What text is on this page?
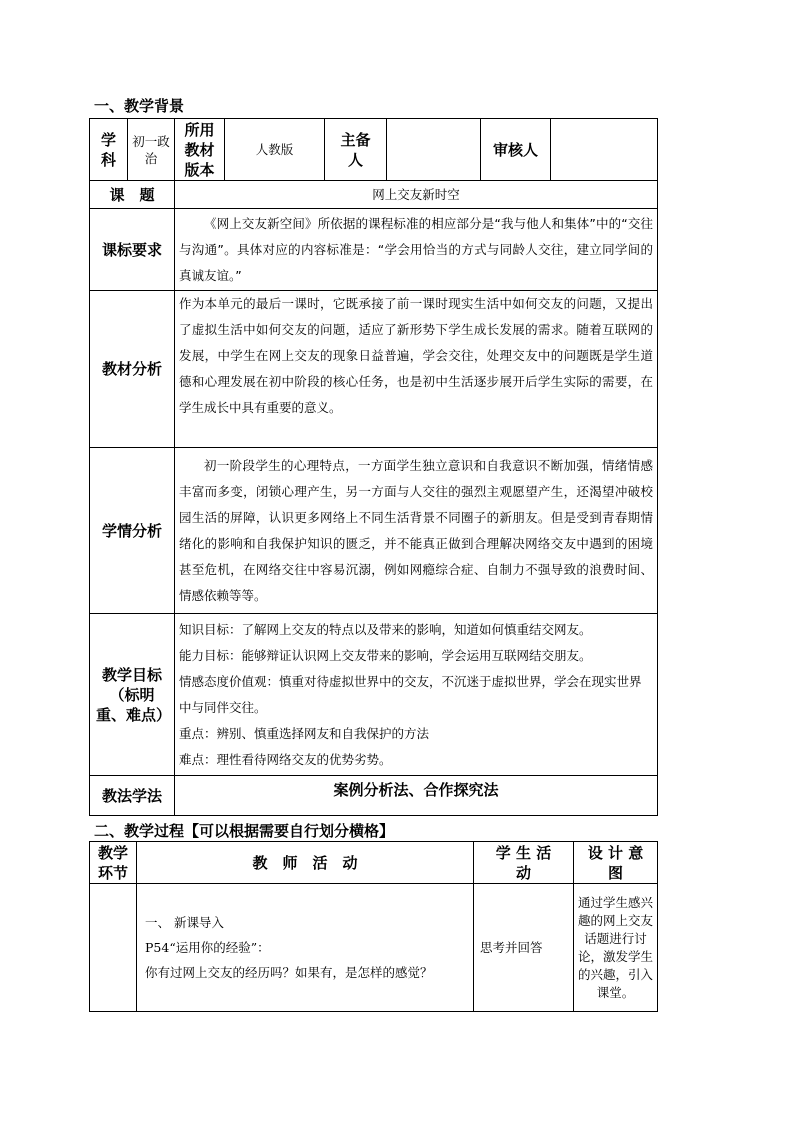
一、教学背景
学科	初一政治	所用教材版本	人教版	主备人		审核人	
课　题		网上交友新时空					
课标要求		《网上交友新空间》所依据的课程标准的相应部分是“我与他人和集体”中的“交往与沟通”。具体对应的内容标准是：“学会用恰当的方式与同龄人交往，建立同学间的真诚友谊。”					
教材分析		作为本单元的最后一课时，它既承接了前一课时现实生活中如何交友的问题，又提出了虚拟生活中如何交友的问题，适应了新形势下学生成长发展的需求。随着互联网的发展，中学生在网上交友的现象日益普遍，学会交往，处理交友中的问题既是学生道德和心理发展在初中阶段的核心任务，也是初中生活逐步展开后学生实际的需要，在学生成长中具有重要的意义。					
学情分析		初一阶段学生的心理特点，一方面学生独立意识和自我意识不断加强，情绪情感丰富而多变，闭锁心理产生，另一方面与人交往的强烈主观愿望产生，还渴望冲破校园生活的屏障，认识更多网络上不同生活背景不同圈子的新朋友。但是受到青春期情绪化的影响和自我保护知识的匮乏，并不能真正做到合理解决网络交友中遇到的困境甚至危机，在网络交往中容易沉溺，例如网瘾综合症、自制力不强导致的浪费时间、情感依赖等等。					
教学目标（标明重、难点）		知识目标：了解网上交友的特点以及带来的影响，知道如何慎重结交网友。
能力目标：能够辩证认识网上交友带来的影响，学会运用互联网结交朋友。
情感态度价值观：慎重对待虚拟世界中的交友，不沉迷于虚拟世界，学会在现实世界中与同伴交往。
重点：辨别、慎重选择网友和自我保护的方法
难点：理性看待网络交友的优势劣势。					

教法学法		案例分析法、合作探究法					
二、教学过程【可以根据需要自行划分横格】
教学环节	教　师　活　动	学 生 活 动	设 计 意 图

	一、 新课导入
P54“运用你的经验”：
你有过网上交友的经历吗？如果有，是怎样的感觉？	思考并回答	通过学生感兴趣的网上交友话题进行讨论，激发学生的兴趣，引入课堂。
